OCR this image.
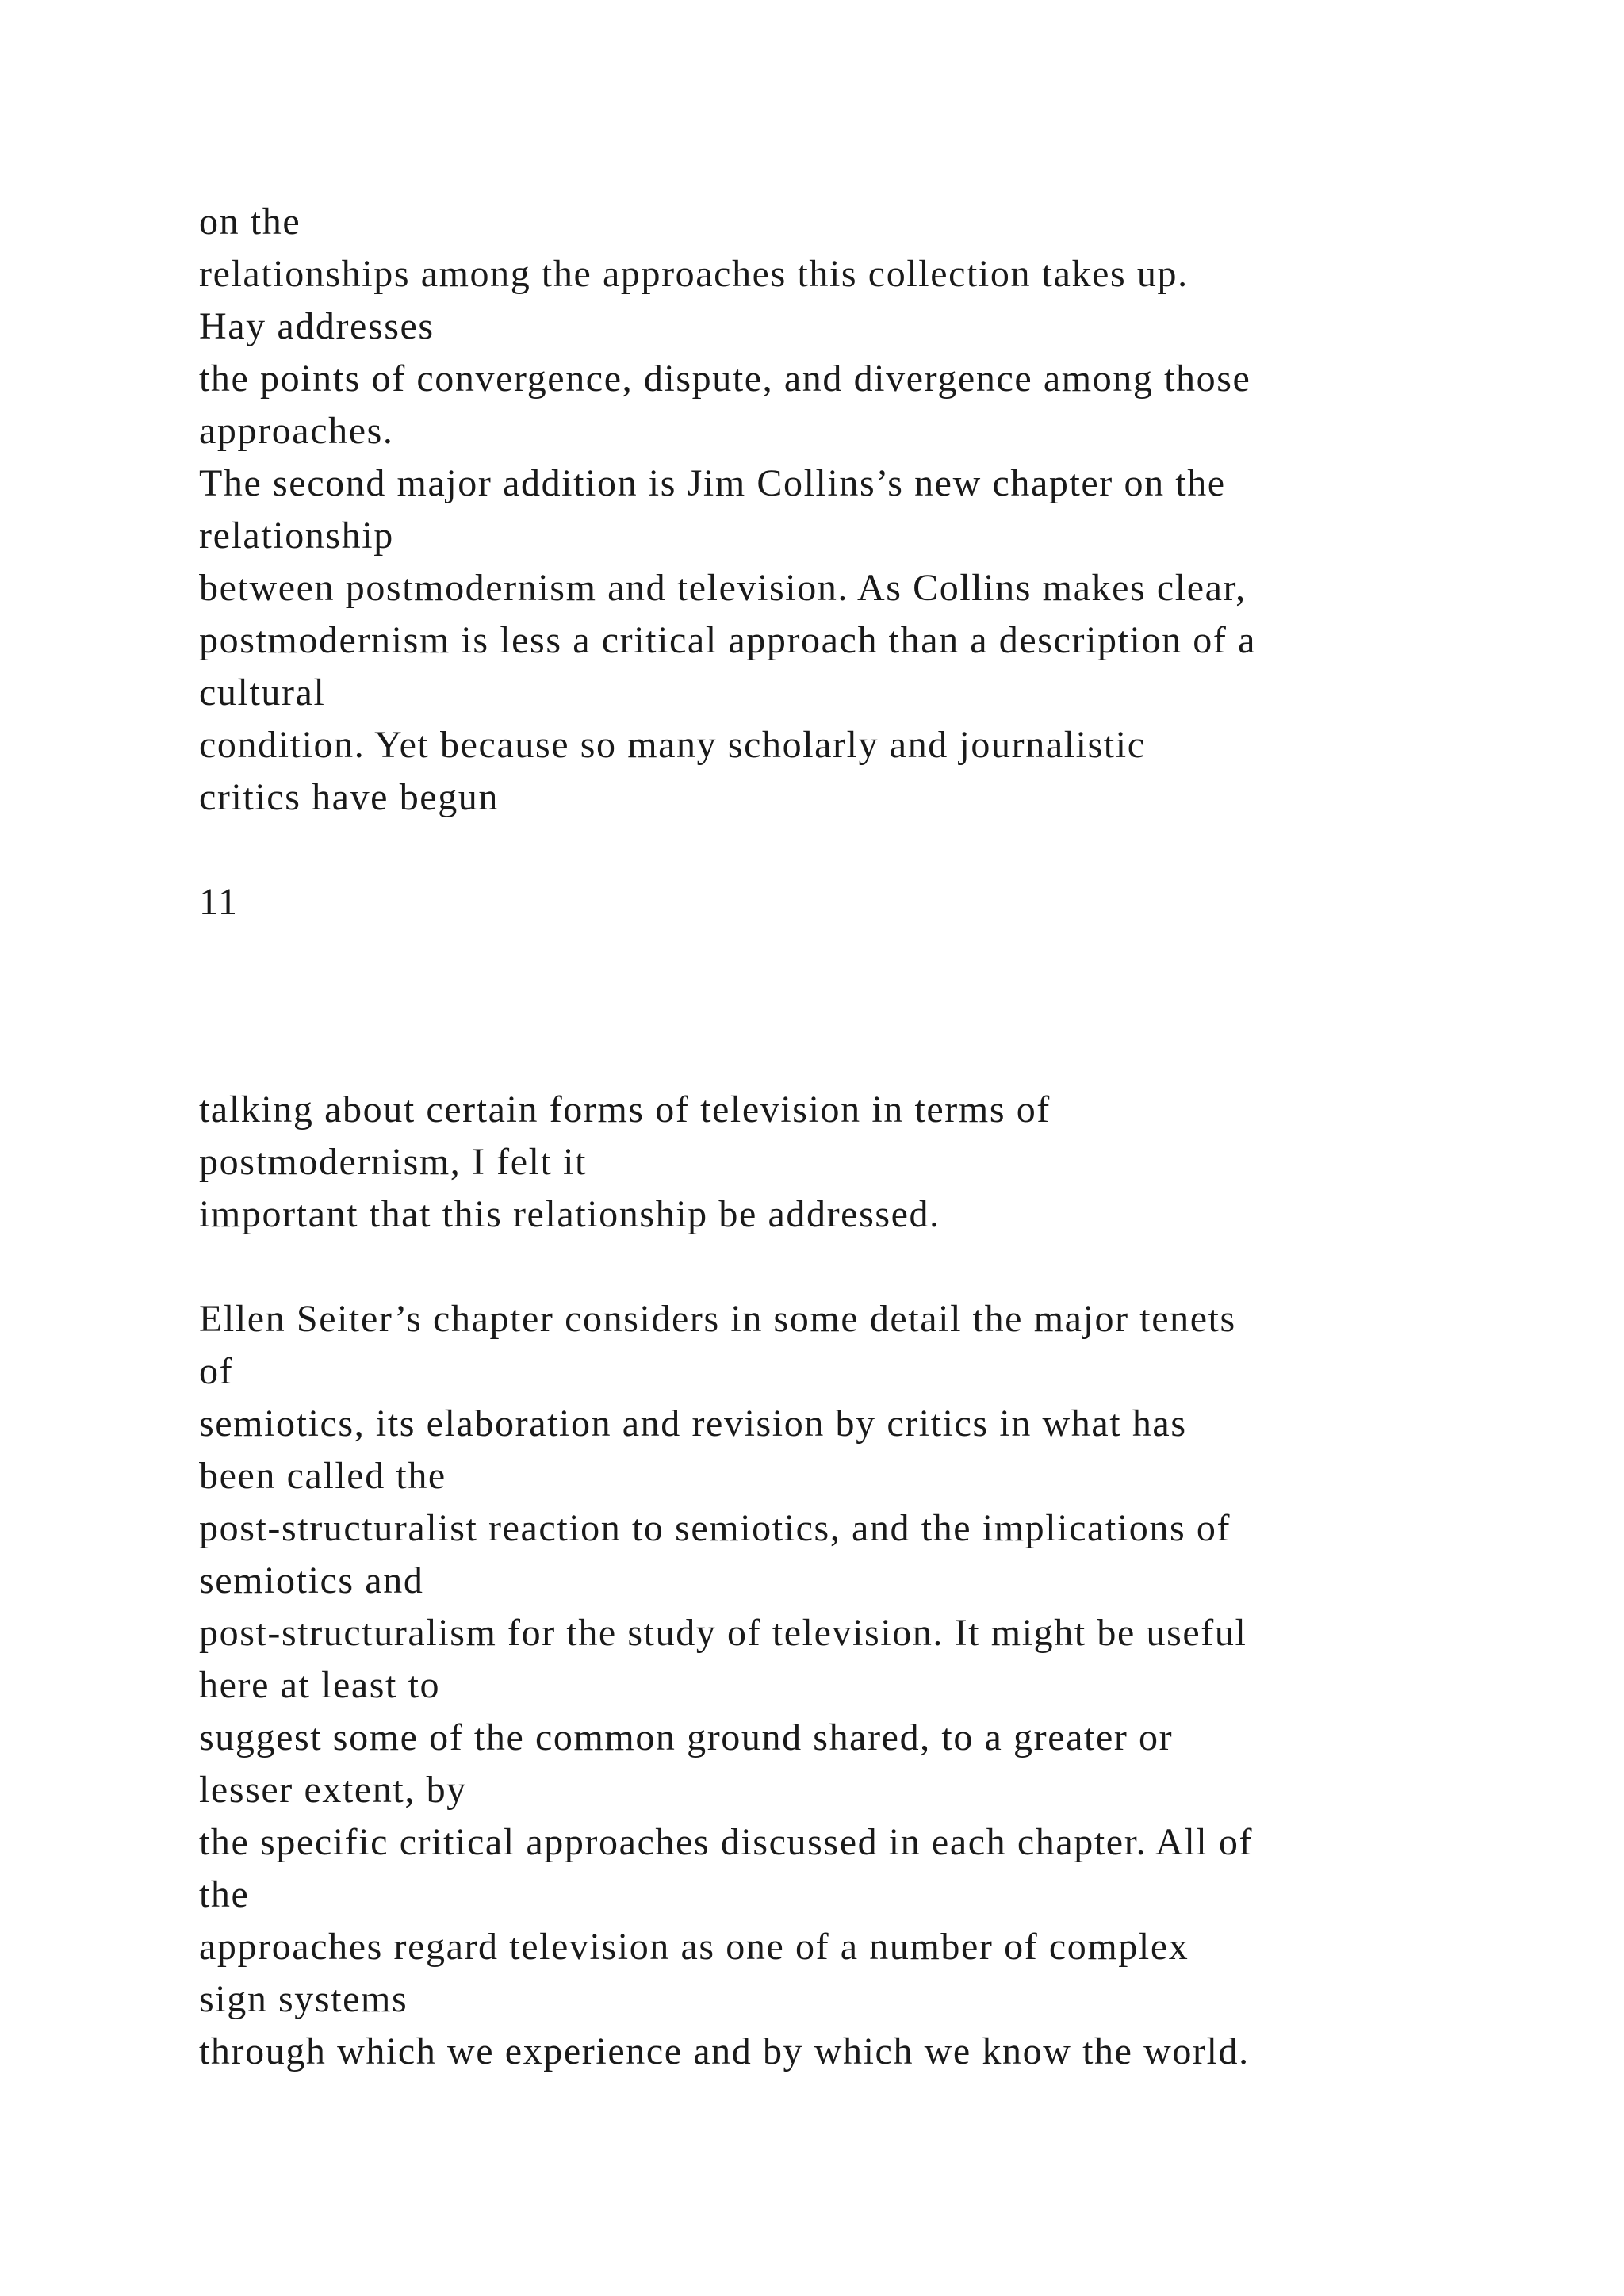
on the

relationships among the approaches this collection takes up.

Hay addresses

the points of convergence, dispute, and divergence among those

approaches.

The second major addition is Jim Collins’s new chapter on the

relationship

between postmodernism and television. As Collins makes clear,

postmodernism is less a critical approach than a description of a

cultural

condition. Yet because so many scholarly and journalistic

critics have begun

11

talking about certain forms of television in terms of

postmodernism, I felt it

important that this relationship be addressed.

Ellen Seiter’s chapter considers in some detail the major tenets

of

semiotics, its elaboration and revision by critics in what has

been called the

post-structuralist reaction to semiotics, and the implications of

semiotics and

post-structuralism for the study of television. It might be useful

here at least to

suggest some of the common ground shared, to a greater or

lesser extent, by

the specific critical approaches discussed in each chapter. All of

the

approaches regard television as one of a number of complex

sign systems

through which we experience and by which we know the world.
